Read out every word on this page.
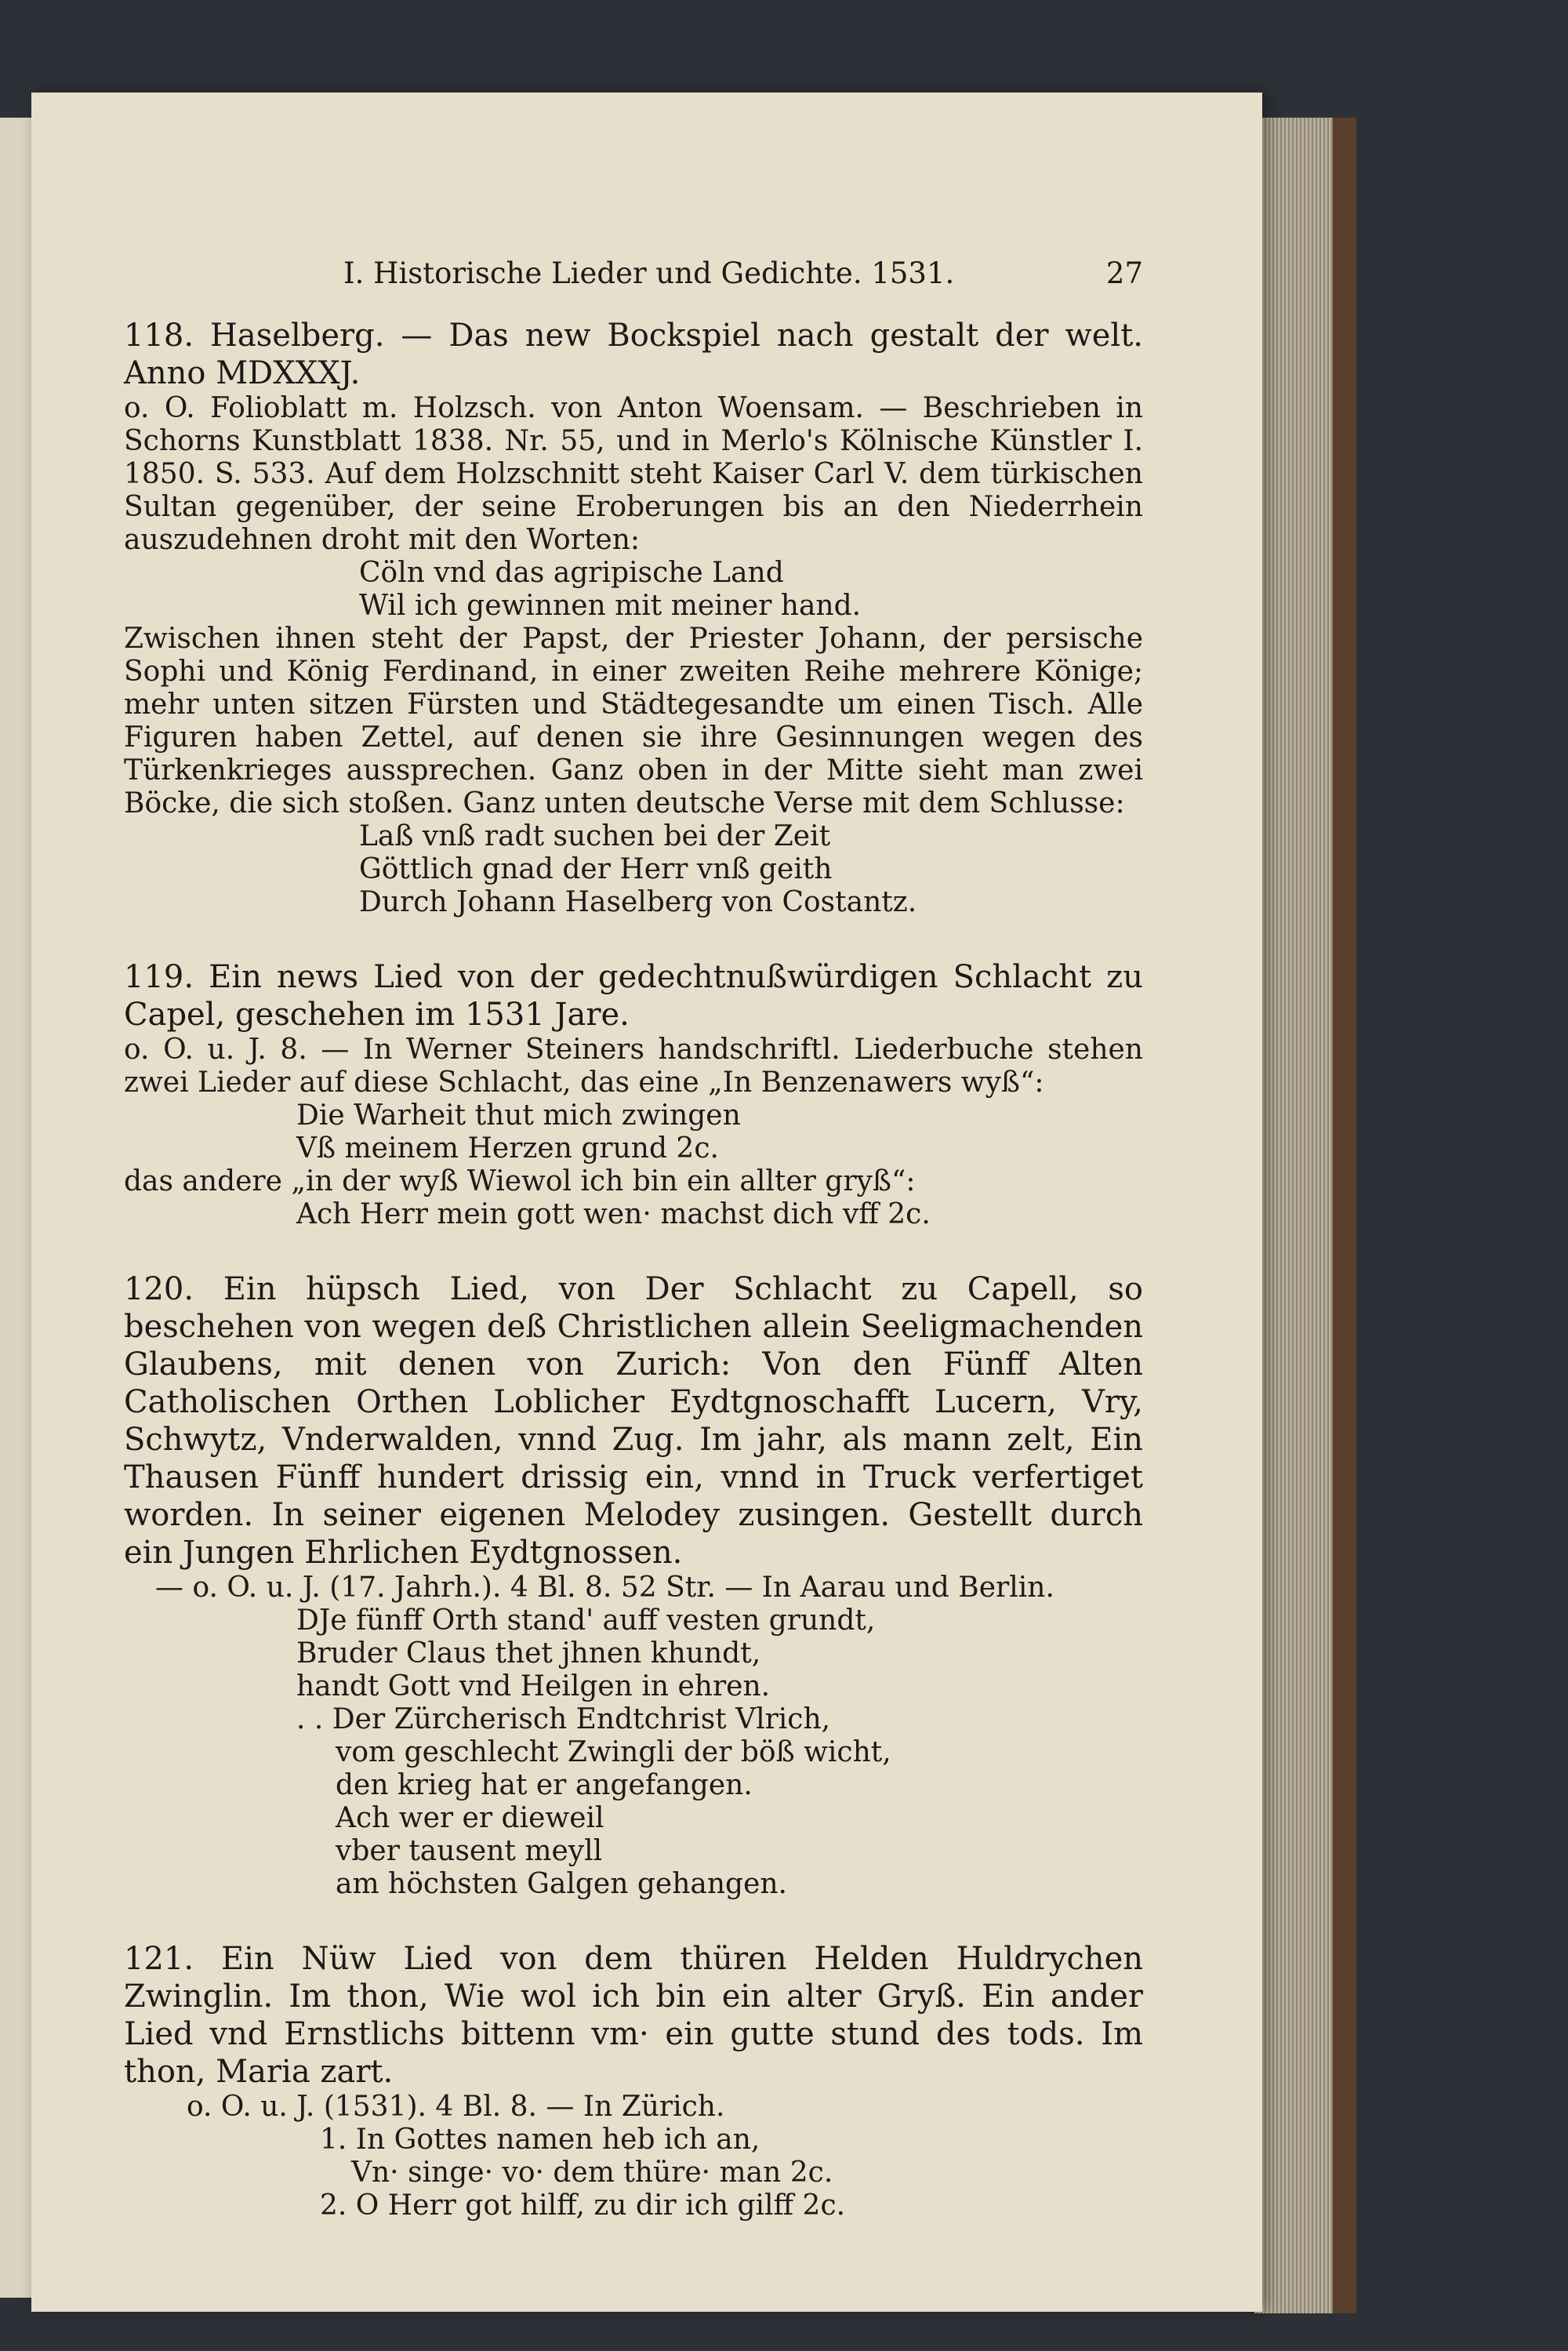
I. Historische Lieder und Gedichte. 1531.	27

118. Haselberg. — Das new Bockspiel nach gestalt der welt. Anno MDXXXJ.

o. O. Folioblatt m. Holzsch. von Anton Woensam. — Beschrieben in Schorns Kunstblatt 1838. Nr. 55, und in Merlo's Kölnische Künstler I. 1850. S. 533. Auf dem Holzschnitt steht Kaiser Carl V. dem türkischen Sultan gegenüber, der seine Eroberungen bis an den Niederrhein auszudehnen droht mit den Worten:

Cöln vnd das agripische Land

Wil ich gewinnen mit meiner hand.

Zwischen ihnen steht der Papst, der Priester Johann, der persische Sophi und König Ferdinand, in einer zweiten Reihe mehrere Könige; mehr unten sitzen Fürsten und Städtegesandte um einen Tisch. Alle Figuren haben Zettel, auf denen sie ihre Gesinnungen wegen des Türkenkrieges aussprechen. Ganz oben in der Mitte sieht man zwei Böcke, die sich stoßen. Ganz unten deutsche Verse mit dem Schlusse:

Laß vnß radt suchen bei der Zeit

Göttlich gnad der Herr vnß geith

Durch Johann Haselberg von Costantz.

119. Ein news Lied von der gedechtnußwürdigen Schlacht zu Capel, geschehen im 1531 Jare.

o. O. u. J. 8. — In Werner Steiners handschriftl. Liederbuche stehen zwei Lieder auf diese Schlacht, das eine „In Benzenawers wyß“:

Die Warheit thut mich zwingen

Vß meinem Herzen grund 2c.

das andere „in der wyß Wiewol ich bin ein allter gryß“:

Ach Herr mein gott wen· machst dich vff 2c.

120. Ein hüpsch Lied, von Der Schlacht zu Capell, so beschehen von wegen deß Christlichen allein Seeligmachenden Glaubens, mit denen von Zurich: Von den Fünff Alten Catholischen Orthen Loblicher Eydtgnoschafft Lucern, Vry, Schwytz, Vnderwalden, vnnd Zug. Im jahr, als mann zelt, Ein Thausen Fünff hundert drissig ein, vnnd in Truck verfertiget worden. In seiner eigenen Melodey zusingen. Gestellt durch ein Jungen Ehrlichen Eydtgnossen.

— o. O. u. J. (17. Jahrh.). 4 Bl. 8. 52 Str. — In Aarau und Berlin.

DJe fünff Orth stand' auff vesten grundt,

Bruder Claus thet jhnen khundt,

handt Gott vnd Heilgen in ehren.

. . Der Zürcherisch Endtchrist Vlrich,

vom geschlecht Zwingli der böß wicht,

den krieg hat er angefangen.

Ach wer er dieweil

vber tausent meyll

am höchsten Galgen gehangen.

121. Ein Nüw Lied von dem thüren Helden Huldrychen Zwinglin. Im thon, Wie wol ich bin ein alter Gryß. Ein ander Lied vnd Ernstlichs bittenn vm· ein gutte stund des tods. Im thon, Maria zart.

o. O. u. J. (1531). 4 Bl. 8. — In Zürich.

1. In Gottes namen heb ich an,

Vn· singe· vo· dem thüre· man 2c.

2. O Herr got hilff, zu dir ich gilff 2c.
